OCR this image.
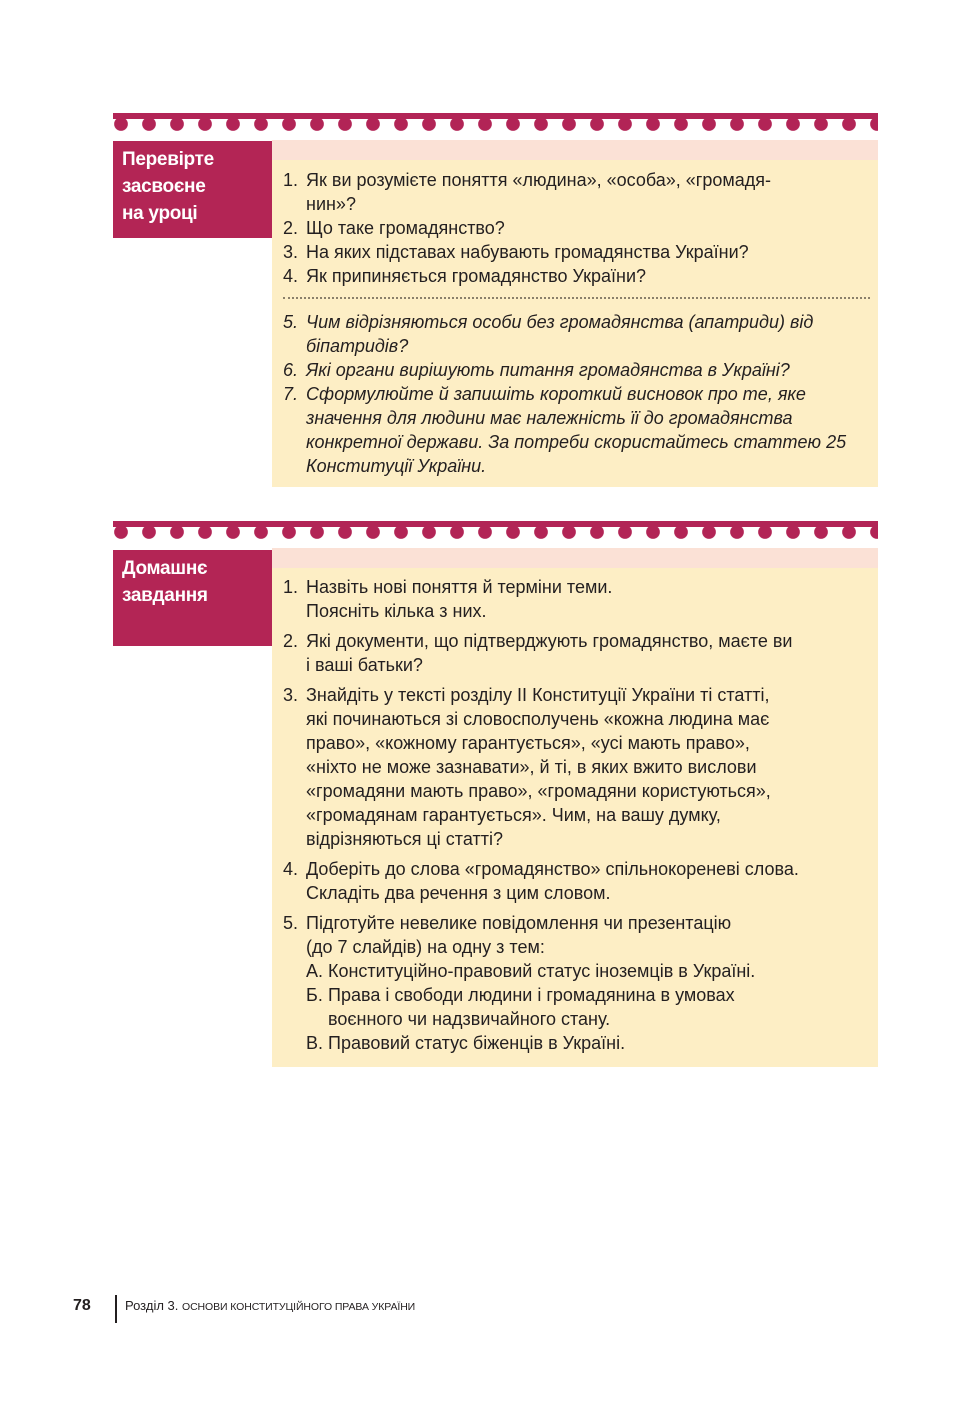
Перевірте
засвоєне
на уроці
1. Як ви розумієте поняття «людина», «особа», «громадя-
нин»?
2. Що таке громадянство?
3. На яких підставах набувають громадянства України?
4. Як припиняється громадянство України?
5. Чим відрізняються особи без громадянства (апатриди) від
біпатридів?
6. Які органи вирішують питання громадянства в Україні?
7. Сформулюйте й запишіть короткий висновок про те, яке
значення для людини має належність її до громадянства
конкретної держави. За потреби скористайтесь статтею 25
Конституції України.
Домашнє
завдання	1. Назвіть нові поняття й терміни теми.
Поясніть кілька з них.
2. Які документи, що підтверджують громадянство, маєте ви
і ваші батьки?
3. Знайдіть у тексті розділу ІІ Конституції України ті статті,
які починаються зі словосполучень «кожна людина має
право», «кожному гарантується», «усі мають право»,
«ніхто не може зазнавати», й ті, в яких вжито вислови
«громадяни мають право», «громадяни користуються»,
«громадянам гарантується». Чим, на вашу думку,
відрізняються ці статті?
4. Доберіть до слова «громадянство» спільнокореневі слова.
Складіть два речення з цим словом.
5. Підготуйте невелике повідомлення чи презентацію
(до 7 слайдів) на одну з тем:
А. Конституційно-правовий статус іноземців в Україні.
Б. Права і свободи людини і громадянина в умовах
воєнного чи надзвичайного стану.
В. Правовий статус біженців в Україні.
78	Розділ 3. ОСНОВИ КОНСТИТУЦІЙНОГО ПРАВА УКРАЇНИ
